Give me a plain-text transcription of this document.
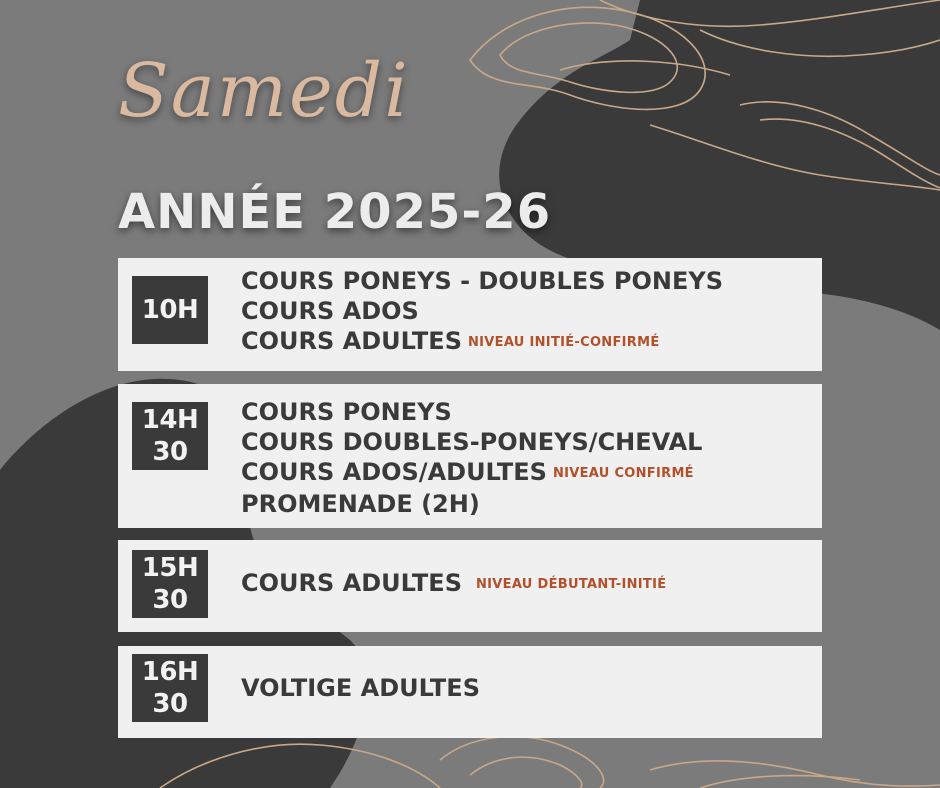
Samedi
ANNÉE 2025-26
10H
COURS PONEYS - DOUBLES PONEYS
COURS ADOS
COURS ADULTES NIVEAU INITIÉ-CONFIRMÉ
14H
30
COURS PONEYS
COURS DOUBLES-PONEYS/CHEVAL
COURS ADOS/ADULTES NIVEAU CONFIRMÉ
PROMENADE (2H)
15H
30
COURS ADULTES NIVEAU DÉBUTANT-INITIÉ
16H
30
VOLTIGE ADULTES
